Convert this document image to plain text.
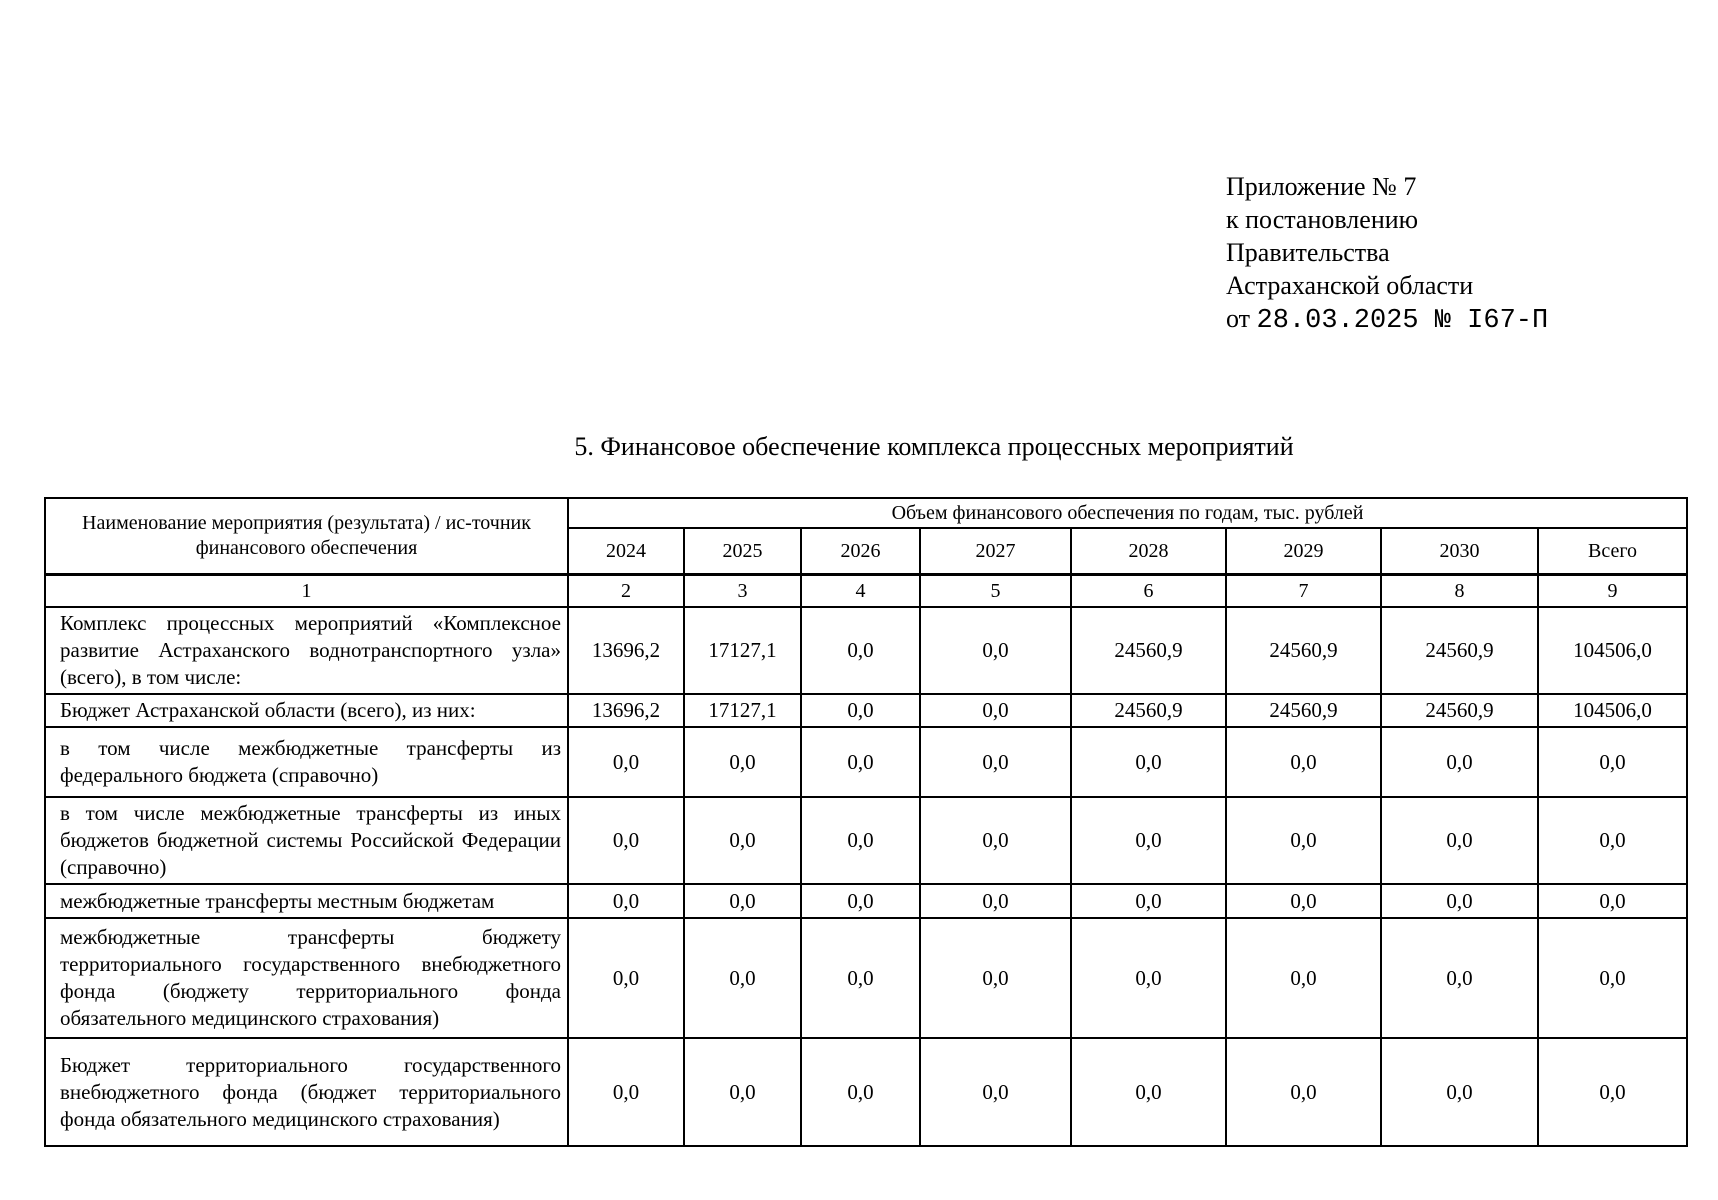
Приложение № 7
к постановлению
Правительства
Астраханской области
от 28.03.2025 № I67-П
5. Финансовое обеспечение комплекса процессных мероприятий
Наименование мероприятия (результата) / ис-точник финансового обеспечения	Объем финансового обеспечения по годам, тыс. рублей							
	2024	2025	2026	2027	2028	2029	2030	Всего
1	2	3	4	5	6	7	8	9
Комплекс процессных мероприятий «Комплексное развитие Астраханского воднотранспортного узла» (всего), в том числе:	13696,2	17127,1	0,0	0,0	24560,9	24560,9	24560,9	104506,0
Бюджет Астраханской области (всего), из них:	13696,2	17127,1	0,0	0,0	24560,9	24560,9	24560,9	104506,0
в том числе межбюджетные трансферты из федерального бюджета (справочно)	0,0	0,0	0,0	0,0	0,0	0,0	0,0	0,0
в том числе межбюджетные трансферты из иных бюджетов бюджетной системы Российской Федерации (справочно)	0,0	0,0	0,0	0,0	0,0	0,0	0,0	0,0
межбюджетные трансферты местным бюджетам	0,0	0,0	0,0	0,0	0,0	0,0	0,0	0,0
межбюджетные трансферты бюджету территориального государственного внебюджетного фонда (бюджету территориального фонда обязательного медицинского страхования)	0,0	0,0	0,0	0,0	0,0	0,0	0,0	0,0
Бюджет территориального государственного внебюджетного фонда (бюджет территориального фонда обязательного медицинского страхования)	0,0	0,0	0,0	0,0	0,0	0,0	0,0	0,0
